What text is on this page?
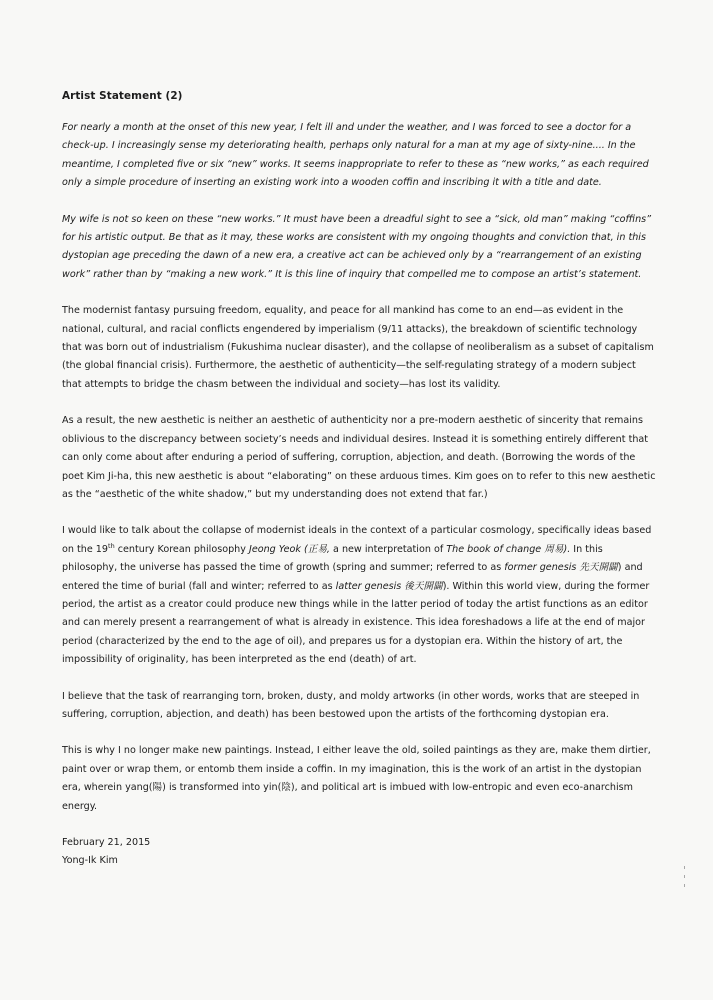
Artist Statement (2)

For nearly a month at the onset of this new year, I felt ill and under the weather, and I was forced to see a doctor for a check-up. I increasingly sense my deteriorating health, perhaps only natural for a man at my age of sixty-nine.... In the meantime, I completed five or six “new” works. It seems inappropriate to refer to these as “new works,” as each required only a simple procedure of inserting an existing work into a wooden coffin and inscribing it with a title and date.

My wife is not so keen on these “new works.” It must have been a dreadful sight to see a “sick, old man” making “coffins” for his artistic output. Be that as it may, these works are consistent with my ongoing thoughts and conviction that, in this dystopian age preceding the dawn of a new era, a creative act can be achieved only by a “rearrangement of an existing work” rather than by “making a new work.” It is this line of inquiry that compelled me to compose an artist’s statement.

The modernist fantasy pursuing freedom, equality, and peace for all mankind has come to an end—as evident in the national, cultural, and racial conflicts engendered by imperialism (9/11 attacks), the breakdown of scientific technology that was born out of industrialism (Fukushima nuclear disaster), and the collapse of neoliberalism as a subset of capitalism (the global financial crisis). Furthermore, the aesthetic of authenticity—the self-regulating strategy of a modern subject that attempts to bridge the chasm between the individual and society—has lost its validity.

As a result, the new aesthetic is neither an aesthetic of authenticity nor a pre-modern aesthetic of sincerity that remains oblivious to the discrepancy between society’s needs and individual desires. Instead it is something entirely different that can only come about after enduring a period of suffering, corruption, abjection, and death. (Borrowing the words of the poet Kim Ji-ha, this new aesthetic is about “elaborating” on these arduous times. Kim goes on to refer to this new aesthetic as the “aesthetic of the white shadow,” but my understanding does not extend that far.)

I would like to talk about the collapse of modernist ideals in the context of a particular cosmology, specifically ideas based on the 19th century Korean philosophy Jeong Yeok (正易, a new interpretation of The book of change 周易). In this philosophy, the universe has passed the time of growth (spring and summer; referred to as former genesis 先天開闢) and entered the time of burial (fall and winter; referred to as latter genesis 後天開闢). Within this world view, during the former period, the artist as a creator could produce new things while in the latter period of today the artist functions as an editor and can merely present a rearrangement of what is already in existence. This idea foreshadows a life at the end of major period (characterized by the end to the age of oil), and prepares us for a dystopian era. Within the history of art, the impossibility of originality, has been interpreted as the end (death) of art.

I believe that the task of rearranging torn, broken, dusty, and moldy artworks (in other words, works that are steeped in suffering, corruption, abjection, and death) has been bestowed upon the artists of the forthcoming dystopian era.

This is why I no longer make new paintings. Instead, I either leave the old, soiled paintings as they are, make them dirtier, paint over or wrap them, or entomb them inside a coffin. In my imagination, this is the work of an artist in the dystopian era, wherein yang(陽) is transformed into yin(陰), and political art is imbued with low-entropic and even eco-anarchism energy.

February 21, 2015
Yong-Ik Kim
